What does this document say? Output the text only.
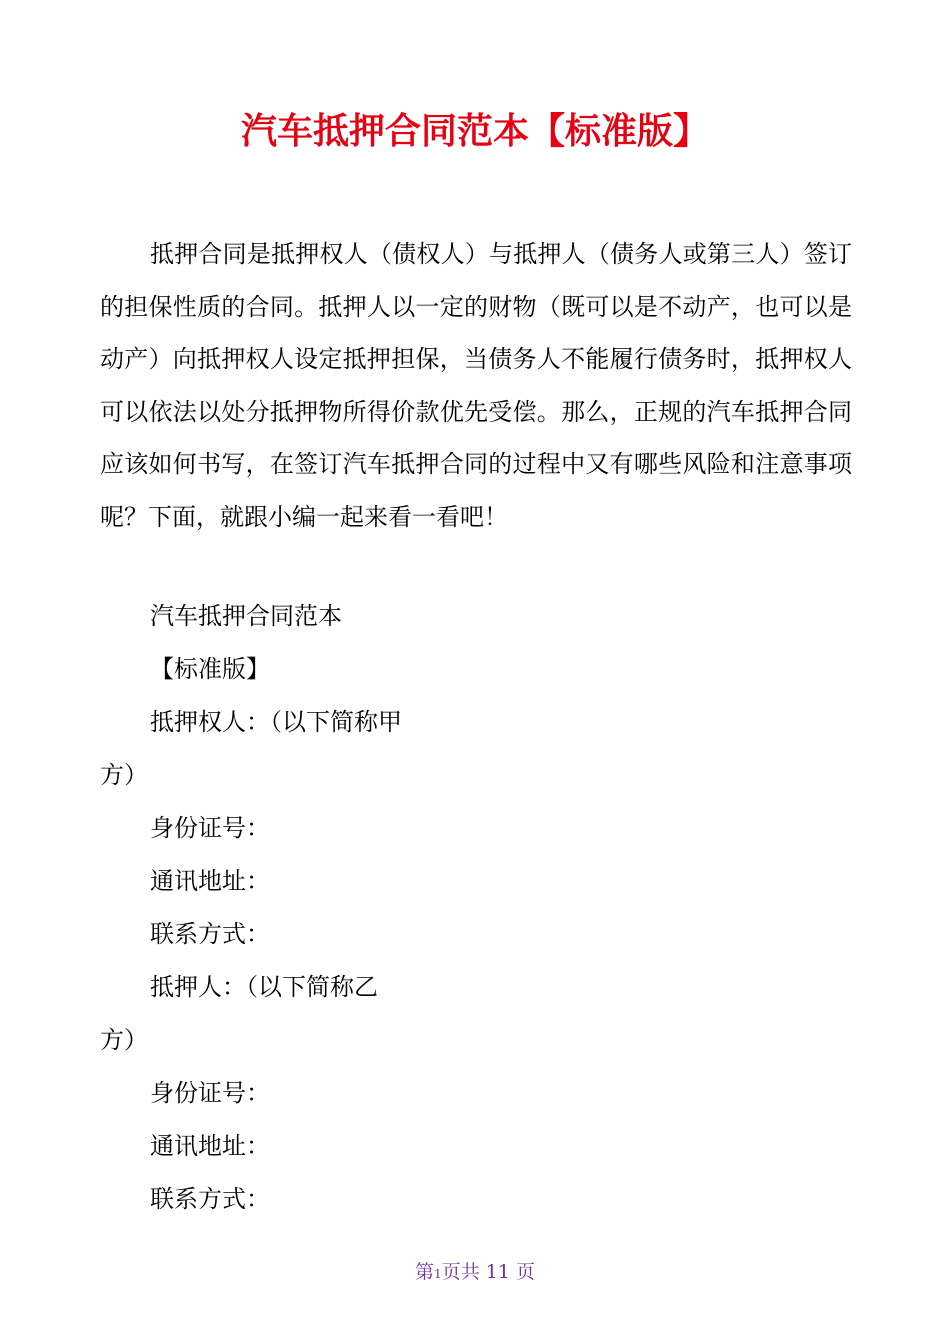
汽车抵押合同范本【标准版】

抵押合同是抵押权人（债权人）与抵押人（债务人或第三人）签订的担保性质的合同。抵押人以一定的财物（既可以是不动产，也可以是动产）向抵押权人设定抵押担保，当债务人不能履行债务时，抵押权人可以依法以处分抵押物所得价款优先受偿。那么，正规的汽车抵押合同应该如何书写，在签订汽车抵押合同的过程中又有哪些风险和注意事项呢？下面，就跟小编一起来看一看吧！

汽车抵押合同范本

【标准版】

抵押权人：（以下简称甲

方）

身份证号：

通讯地址：

联系方式：

抵押人：（以下简称乙

方）

身份证号：

通讯地址：

联系方式：

第1页共 11 页
